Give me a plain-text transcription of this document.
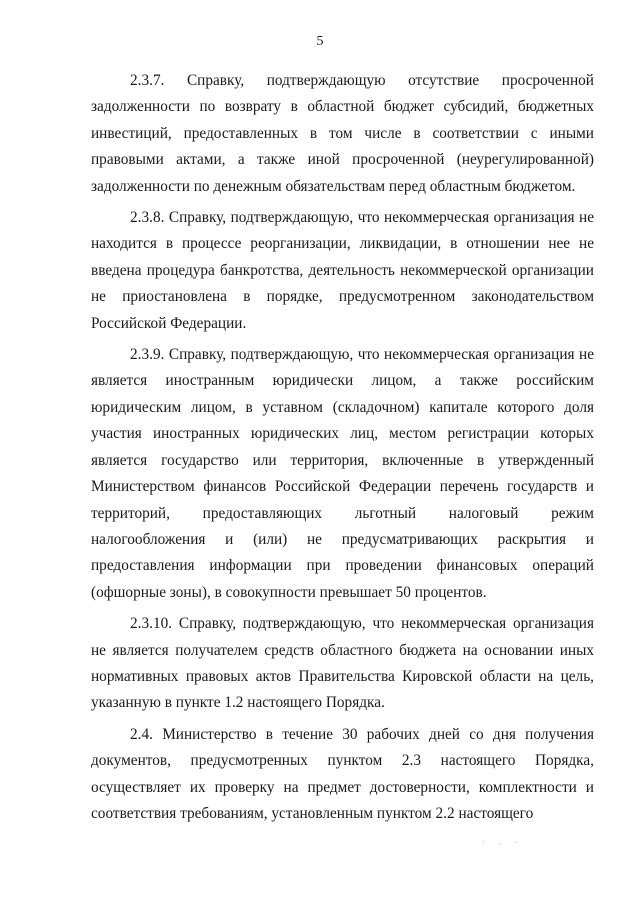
5

2.3.7. Справку, подтверждающую отсутствие просроченной задолженности по возврату в областной бюджет субсидий, бюджетных инвестиций, предоставленных в том числе в соответствии с иными правовыми актами, а также иной просроченной (неурегулированной) задолженности по денежным обязательствам перед областным бюджетом.

2.3.8. Справку, подтверждающую, что некоммерческая организация не находится в процессе реорганизации, ликвидации, в отношении нее не введена процедура банкротства, деятельность некоммерческой организации не приостановлена в порядке, предусмотренном законодательством Российской Федерации.

2.3.9. Справку, подтверждающую, что некоммерческая организация не является иностранным юридически лицом, а также российским юридическим лицом, в уставном (складочном) капитале которого доля участия иностранных юридических лиц, местом регистрации которых является государство или территория, включенные в утвержденный Министерством финансов Российской Федерации перечень государств и территорий, предоставляющих льготный налоговый режим налогообложения и (или) не предусматривающих раскрытия и предоставления информации при проведении финансовых операций (офшорные зоны), в совокупности превышает 50 процентов.

2.3.10. Справку, подтверждающую, что некоммерческая организация не является получателем средств областного бюджета на основании иных нормативных правовых актов Правительства Кировской области на цель, указанную в пункте 1.2 настоящего Порядка.

2.4. Министерство в течение 30 рабочих дней со дня получения документов, предусмотренных пунктом 2.3 настоящего Порядка, осуществляет их проверку на предмет достоверности, комплектности и соответствия требованиям, установленным пунктом 2.2 настоящего

· . ·
